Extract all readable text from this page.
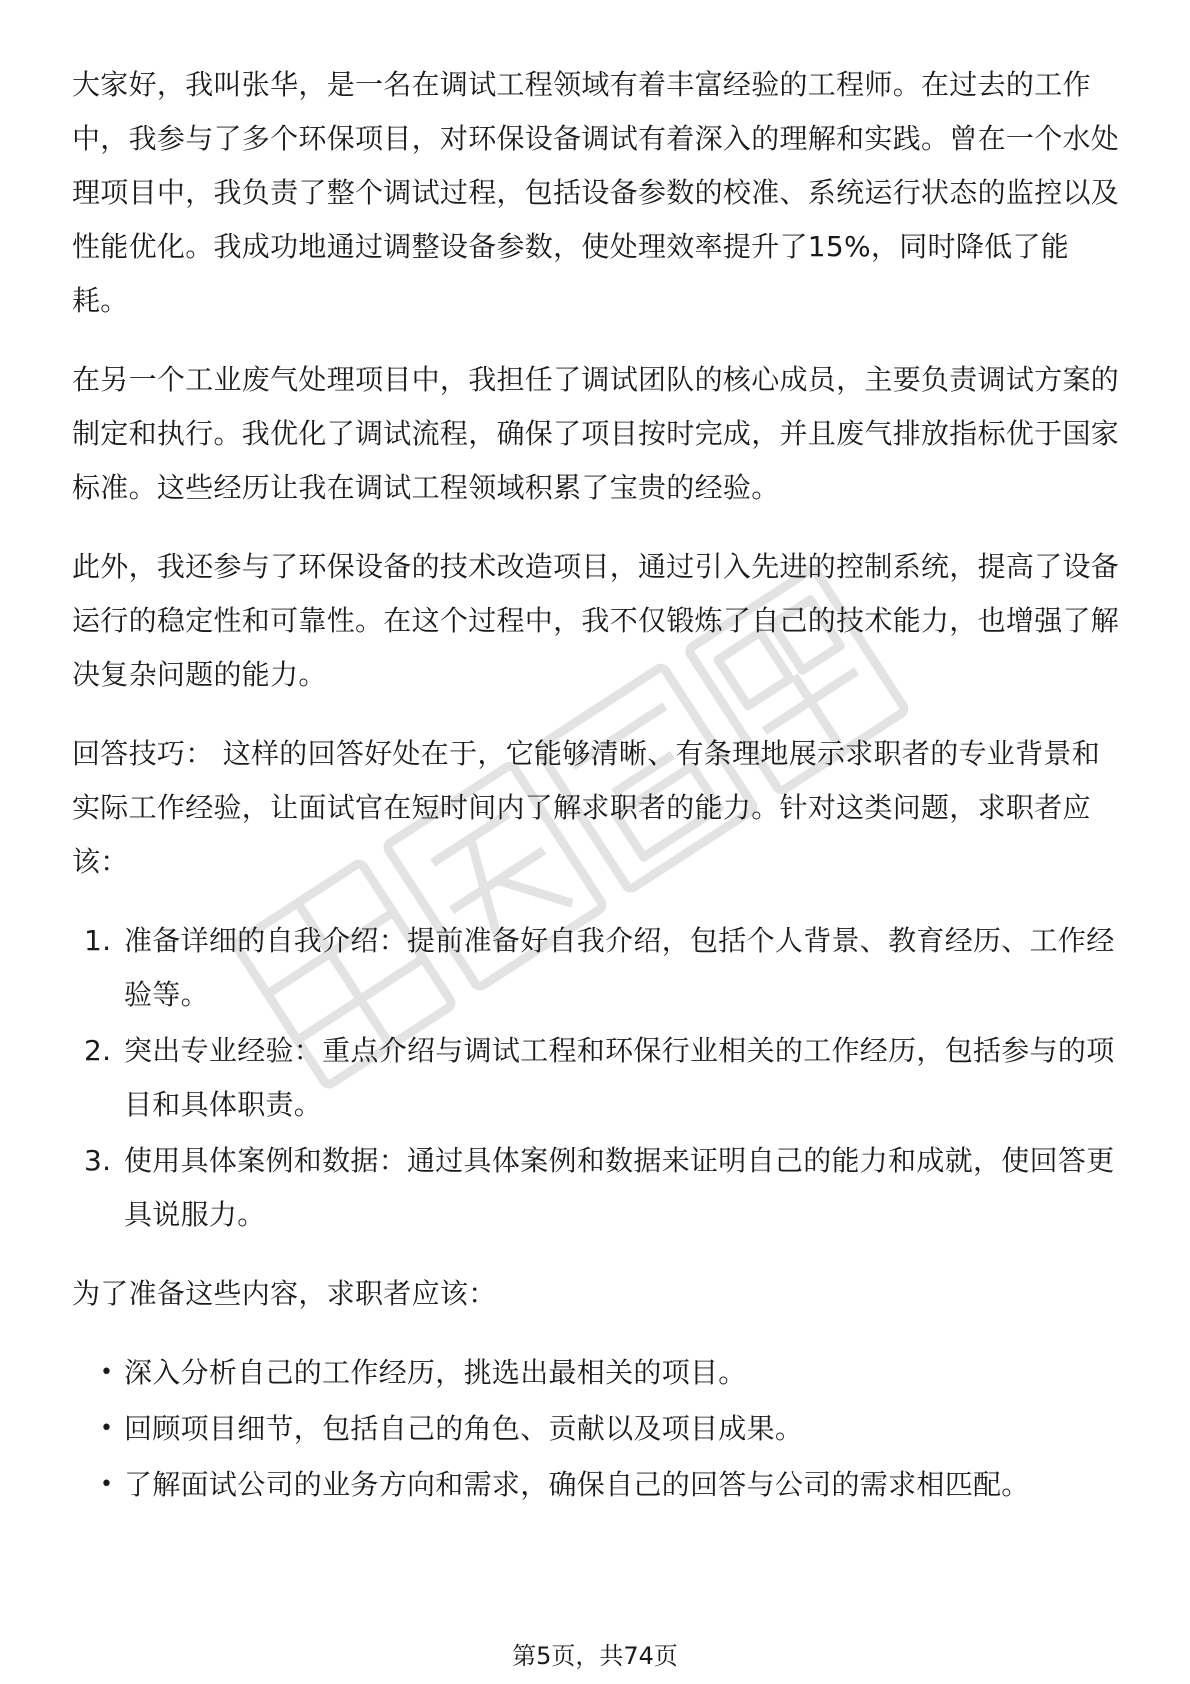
大家好，我叫张华，是一名在调试工程领域有着丰富经验的工程师。在过去的工作中，我参与了多个环保项目，对环保设备调试有着深入的理解和实践。曾在一个水处理项目中，我负责了整个调试过程，包括设备参数的校准、系统运行状态的监控以及性能优化。我成功地通过调整设备参数，使处理效率提升了15%，同时降低了能耗。

在另一个工业废气处理项目中，我担任了调试团队的核心成员，主要负责调试方案的制定和执行。我优化了调试流程，确保了项目按时完成，并且废气排放指标优于国家标准。这些经历让我在调试工程领域积累了宝贵的经验。

此外，我还参与了环保设备的技术改造项目，通过引入先进的控制系统，提高了设备运行的稳定性和可靠性。在这个过程中，我不仅锻炼了自己的技术能力，也增强了解决复杂问题的能力。

回答技巧： 这样的回答好处在于，它能够清晰、有条理地展示求职者的专业背景和实际工作经验，让面试官在短时间内了解求职者的能力。针对这类问题，求职者应该：

1. 准备详细的自我介绍：提前准备好自我介绍，包括个人背景、教育经历、工作经验等。
2. 突出专业经验：重点介绍与调试工程和环保行业相关的工作经历，包括参与的项目和具体职责。
3. 使用具体案例和数据：通过具体案例和数据来证明自己的能力和成就，使回答更具说服力。

为了准备这些内容，求职者应该：

• 深入分析自己的工作经历，挑选出最相关的项目。
• 回顾项目细节，包括自己的角色、贡献以及项目成果。
• 了解面试公司的业务方向和需求，确保自己的回答与公司的需求相匹配。
第5页，共74页
